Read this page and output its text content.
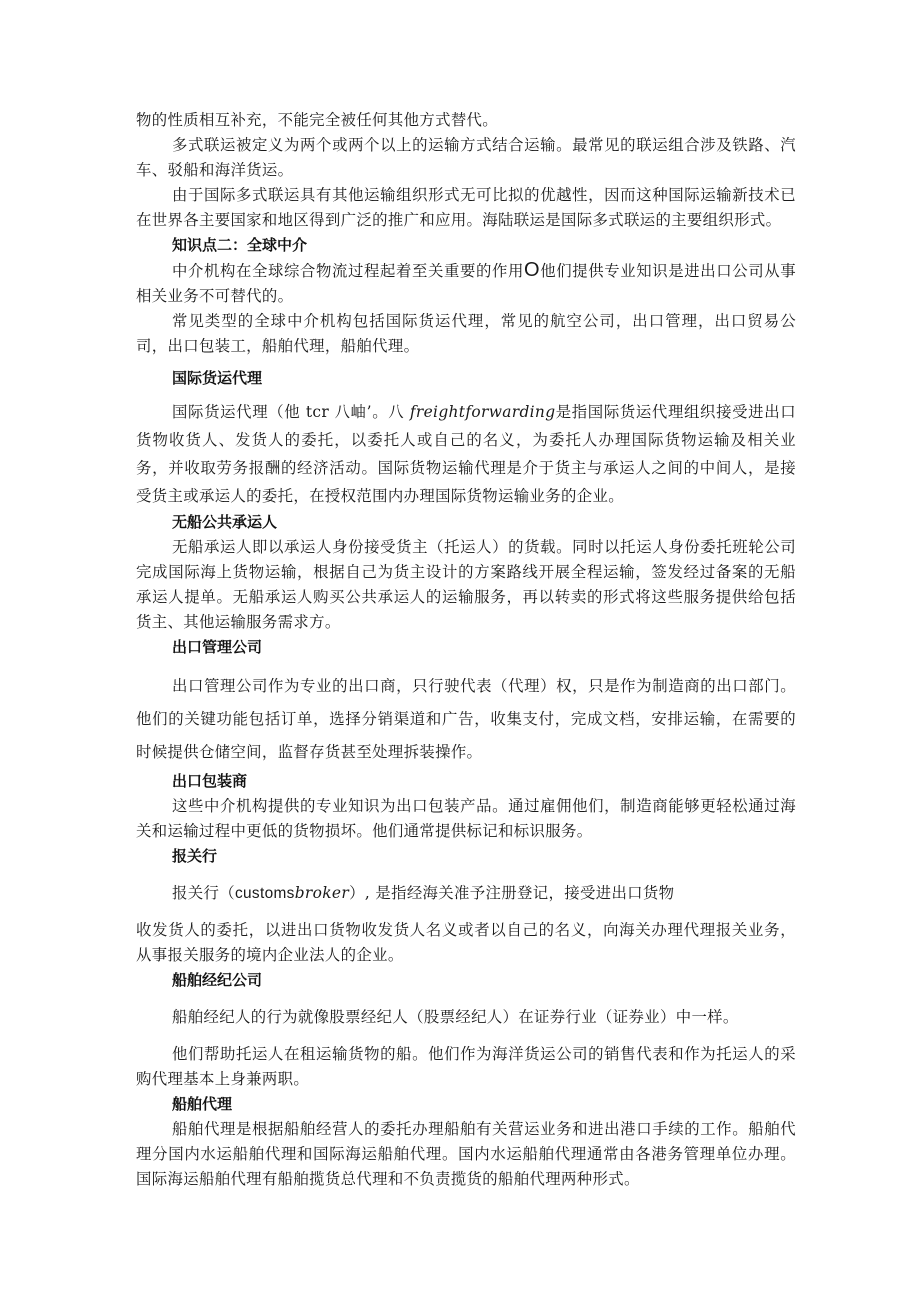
物的性质相互补充，不能完全被任何其他方式替代。

多式联运被定义为两个或两个以上的运输方式结合运输。最常见的联运组合涉及铁路、汽车、驳船和海洋货运。

由于国际多式联运具有其他运输组织形式无可比拟的优越性，因而这种国际运输新技术已在世界各主要国家和地区得到广泛的推广和应用。海陆联运是国际多式联运的主要组织形式。

知识点二：全球中介

中介机构在全球综合物流过程起着至关重要的作用O他们提供专业知识是进出口公司从事相关业务不可替代的。

常见类型的全球中介机构包括国际货运代理，常见的航空公司，出口管理，出口贸易公司，出口包装工，船舶代理，船舶代理。

国际货运代理

国际货运代理（他 tcr 八岫’。八 freightforwarding是指国际货运代理组织接受进出口货物收货人、发货人的委托，以委托人或自己的名义，为委托人办理国际货物运输及相关业务，并收取劳务报酬的经济活动。国际货物运输代理是介于货主与承运人之间的中间人，是接受货主或承运人的委托，在授权范围内办理国际货物运输业务的企业。

无船公共承运人

无船承运人即以承运人身份接受货主（托运人）的货载。同时以托运人身份委托班轮公司完成国际海上货物运输，根据自己为货主设计的方案路线开展全程运输，签发经过备案的无船承运人提单。无船承运人购买公共承运人的运输服务，再以转卖的形式将这些服务提供给包括货主、其他运输服务需求方。

出口管理公司

出口管理公司作为专业的出口商，只行驶代表（代理）权，只是作为制造商的出口部门。他们的关键功能包括订单，选择分销渠道和广告，收集支付，完成文档，安排运输，在需要的时候提供仓储空间，监督存货甚至处理拆装操作。

出口包装商

这些中介机构提供的专业知识为出口包装产品。通过雇佣他们，制造商能够更轻松通过海关和运输过程中更低的货物损坏。他们通常提供标记和标识服务。

报关行

报关行（customsbroker）, 是指经海关准予注册登记，接受进出口货物

收发货人的委托，以进出口货物收发货人名义或者以自己的名义，向海关办理代理报关业务，从事报关服务的境内企业法人的企业。

船舶经纪公司

船舶经纪人的行为就像股票经纪人（股票经纪人）在证券行业（证券业）中一样。

他们帮助托运人在租运输货物的船。他们作为海洋货运公司的销售代表和作为托运人的采购代理基本上身兼两职。

船舶代理

船舶代理是根据船舶经营人的委托办理船舶有关营运业务和进出港口手续的工作。船舶代理分国内水运船舶代理和国际海运船舶代理。国内水运船舶代理通常由各港务管理单位办理。国际海运船舶代理有船舶揽货总代理和不负责揽货的船舶代理两种形式。
